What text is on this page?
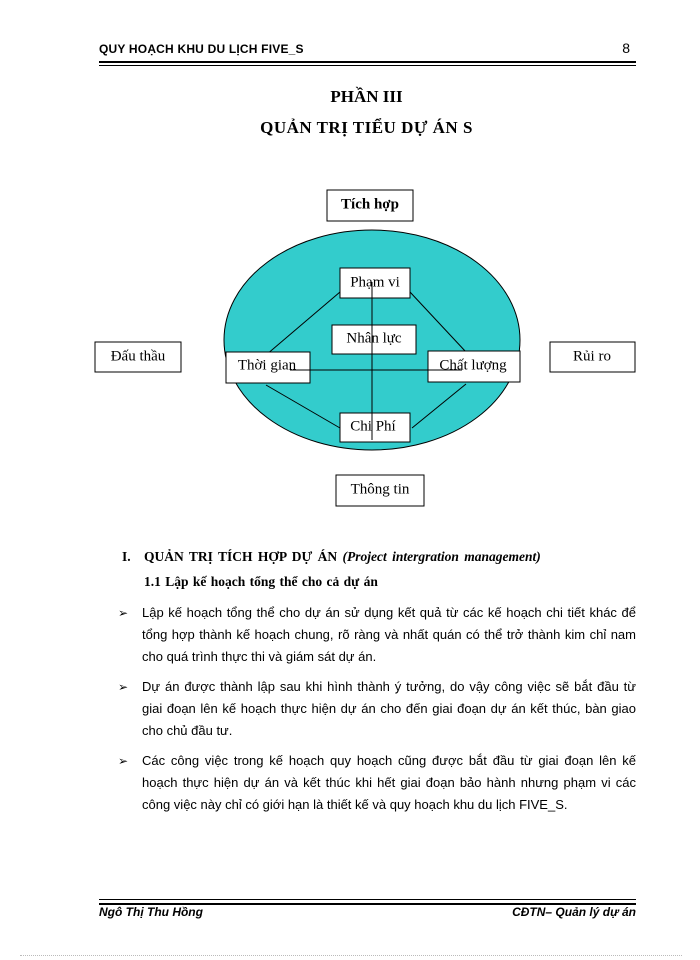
QUY HOẠCH KHU DU LỊCH FIVE_S	8
PHẦN III
QUẢN TRỊ TIỂU DỰ ÁN S
Tích hợp
Đấu thầu	Rủi ro
Thông tin
Phạm vi
Nhân lực
Thời gian	Chất lượng
Chi Phí
I. QUẢN TRỊ TÍCH HỢP DỰ ÁN (Project intergration management)
1.1 Lập kế hoạch tổng thể cho cả dự án
➢ Lập kế hoạch tổng thể cho dự án sử dụng kết quả từ các kế hoạch chi tiết khác để tổng hợp thành kế hoạch chung, rõ ràng và nhất quán có thể trở thành kim chỉ nam cho quá trình thực thi và giám sát dự án.
➢ Dự án được thành lập sau khi hình thành ý tưởng, do vậy công việc sẽ bắt đầu từ giai đoạn lên kế hoạch thực hiện dự án cho đến giai đoạn dự án kết thúc, bàn giao cho chủ đầu tư.
➢ Các công việc trong kế hoạch quy hoạch cũng được bắt đầu từ giai đoạn lên kế hoạch thực hiện dự án và kết thúc khi hết giai đoạn bảo hành nhưng phạm vi các công việc này chỉ có giới hạn là thiết kế và quy hoạch khu du lịch FIVE_S.
Ngô Thị Thu Hồng	CĐTN– Quản lý dự án
